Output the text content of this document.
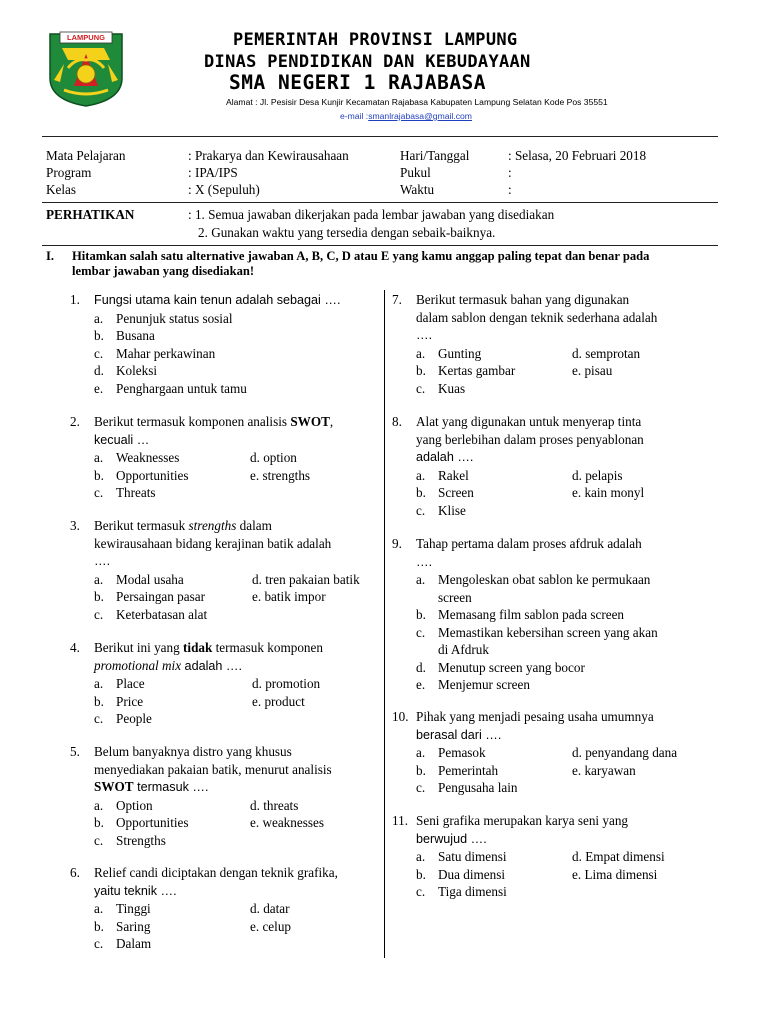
LAMPUNG	PEMERINTAH PROVINSI LAMPUNG
DINAS PENDIDIKAN DAN KEBUDAYAAN
SMA NEGERI 1 RAJABASA
Alamat : Jl. Pesisir Desa Kunjir Kecamatan Rajabasa Kabupaten Lampung Selatan Kode Pos 35551
e-mail :smanlrajabasa@gmail.com
Mata Pelajaran	: Prakarya dan Kewirausahaan
Program	: IPA/IPS
Kelas	: X (Sepuluh)
Hari/Tanggal	: Selasa, 20 Februari 2018
Pukul	:
Waktu	:
PERHATIKAN	: 1. Semua jawaban dikerjakan pada lembar jawaban yang disediakan
2. Gunakan waktu yang tersedia dengan sebaik-baiknya.
I. Hitamkan salah satu alternative jawaban A, B, C, D atau E yang kamu anggap paling tepat dan benar pada
lembar jawaban yang disediakan!
1. Fungsi utama kain tenun adalah sebagai ….
a. Penunjuk status sosial
b. Busana
c. Mahar perkawinan
d. Koleksi
e. Penghargaan untuk tamu
2. Berikut termasuk komponen analisis SWOT,
kecuali …
a. Weaknesses	d. option
b. Opportunities	e. strengths
c. Threats
3. Berikut termasuk strengths dalam
kewirausahaan bidang kerajinan batik adalah
….
a. Modal usaha	d. tren pakaian batik
b. Persaingan pasar	e. batik impor
c. Keterbatasan alat
4. Berikut ini yang tidak termasuk komponen
promotional mix adalah ….
a. Place	d. promotion
b. Price	e. product
c. People
5. Belum banyaknya distro yang khusus
menyediakan pakaian batik, menurut analisis
SWOT termasuk ….
a. Option	d. threats
b. Opportunities	e. weaknesses
c. Strengths
6. Relief candi diciptakan dengan teknik grafika,
yaitu teknik ….
a. Tinggi	d. datar
b. Saring	e. celup
c. Dalam
7. Berikut termasuk bahan yang digunakan
dalam sablon dengan teknik sederhana adalah
….
a. Gunting	d. semprotan
b. Kertas gambar	e. pisau
c. Kuas
8. Alat yang digunakan untuk menyerap tinta
yang berlebihan dalam proses penyablonan
adalah ….
a. Rakel	d. pelapis
b. Screen	e. kain monyl
c. Klise
9. Tahap pertama dalam proses afdruk adalah
….
a. Mengoleskan obat sablon ke permukaan
screen
b. Memasang film sablon pada screen
c. Memastikan kebersihan screen yang akan
di Afdruk
d. Menutup screen yang bocor
e. Menjemur screen
10. Pihak yang menjadi pesaing usaha umumnya
berasal dari ….
a. Pemasok	d. penyandang dana
b. Pemerintah	e. karyawan
c. Pengusaha lain
11. Seni grafika merupakan karya seni yang
berwujud ….
a. Satu dimensi	d. Empat dimensi
b. Dua dimensi	e. Lima dimensi
c. Tiga dimensi
